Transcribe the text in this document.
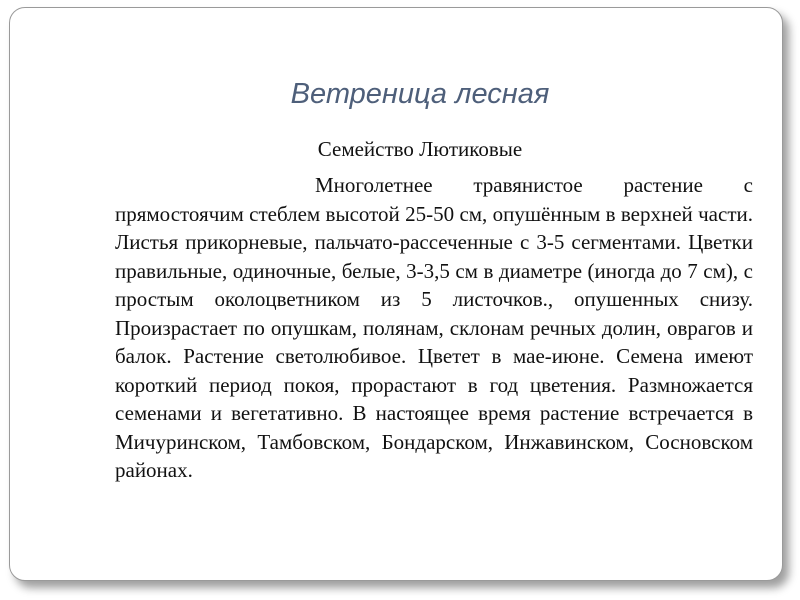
Ветреница лесная

Семейство Лютиковые

Многолетнее травянистое растение с прямостоячим стеблем высотой 25-50 см, опушённым в верхней части. Листья прикорневые, пальчато-рассеченные с 3-5 сегментами. Цветки правильные, одиночные, белые, 3-3,5 см в диаметре (иногда до 7 см), с простым околоцветником из 5 листочков., опушенных снизу. Произрастает по опушкам, полянам, склонам речных долин, оврагов и балок. Растение светолюбивое. Цветет в мае-июне. Семена имеют короткий период покоя, прорастают в год цветения. Размножается семенами и вегетативно. В настоящее время растение встречается в Мичуринском, Тамбовском, Бондарском, Инжавинском, Сосновском районах.
